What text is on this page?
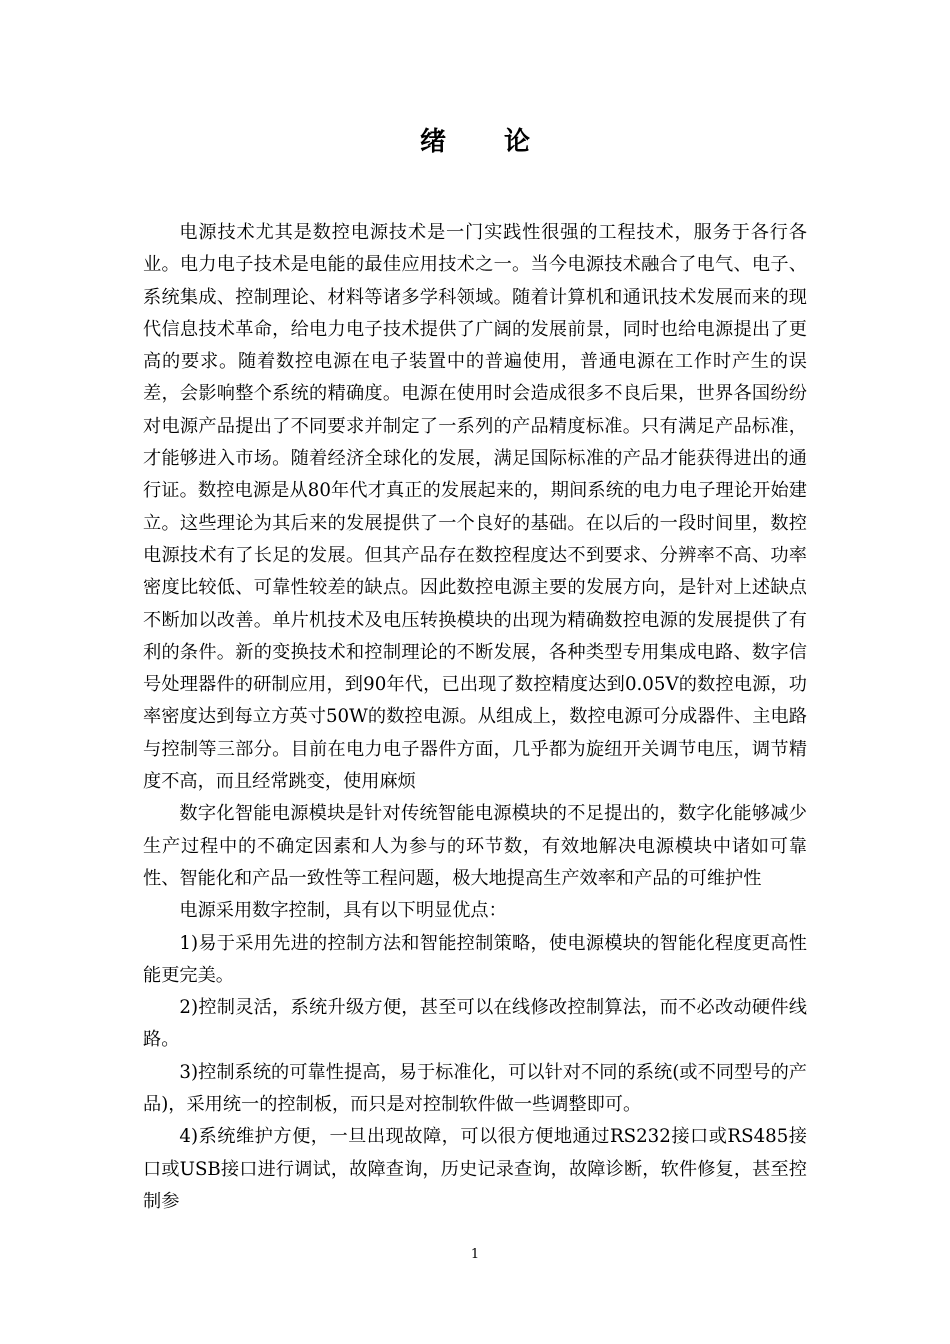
绪论

电源技术尤其是数控电源技术是一门实践性很强的工程技术，服务于各行各业。电力电子技术是电能的最佳应用技术之一。当今电源技术融合了电气、电子、系统集成、控制理论、材料等诸多学科领域。随着计算机和通讯技术发展而来的现代信息技术革命，给电力电子技术提供了广阔的发展前景，同时也给电源提出了更高的要求。随着数控电源在电子装置中的普遍使用，普通电源在工作时产生的误差，会影响整个系统的精确度。电源在使用时会造成很多不良后果，世界各国纷纷对电源产品提出了不同要求并制定了一系列的产品精度标准。只有满足产品标准，才能够进入市场。随着经济全球化的发展，满足国际标准的产品才能获得进出的通行证。数控电源是从80年代才真正的发展起来的，期间系统的电力电子理论开始建立。这些理论为其后来的发展提供了一个良好的基础。在以后的一段时间里，数控电源技术有了长足的发展。但其产品存在数控程度达不到要求、分辨率不高、功率密度比较低、可靠性较差的缺点。因此数控电源主要的发展方向，是针对上述缺点不断加以改善。单片机技术及电压转换模块的出现为精确数控电源的发展提供了有利的条件。新的变换技术和控制理论的不断发展，各种类型专用集成电路、数字信号处理器件的研制应用，到90年代，已出现了数控精度达到0.05V的数控电源，功率密度达到每立方英寸50W的数控电源。从组成上，数控电源可分成器件、主电路与控制等三部分。目前在电力电子器件方面，几乎都为旋纽开关调节电压，调节精度不高，而且经常跳变，使用麻烦

数字化智能电源模块是针对传统智能电源模块的不足提出的，数字化能够减少生产过程中的不确定因素和人为参与的环节数，有效地解决电源模块中诸如可靠性、智能化和产品一致性等工程问题，极大地提高生产效率和产品的可维护性

电源采用数字控制，具有以下明显优点：

1)易于采用先进的控制方法和智能控制策略，使电源模块的智能化程度更高性能更完美。

2)控制灵活，系统升级方便，甚至可以在线修改控制算法，而不必改动硬件线路。

3)控制系统的可靠性提高，易于标准化，可以针对不同的系统(或不同型号的产品)，采用统一的控制板，而只是对控制软件做一些调整即可。

4)系统维护方便，一旦出现故障，可以很方便地通过RS232接口或RS485接口或USB接口进行调试，故障查询，历史记录查询，故障诊断，软件修复，甚至控制参

1
